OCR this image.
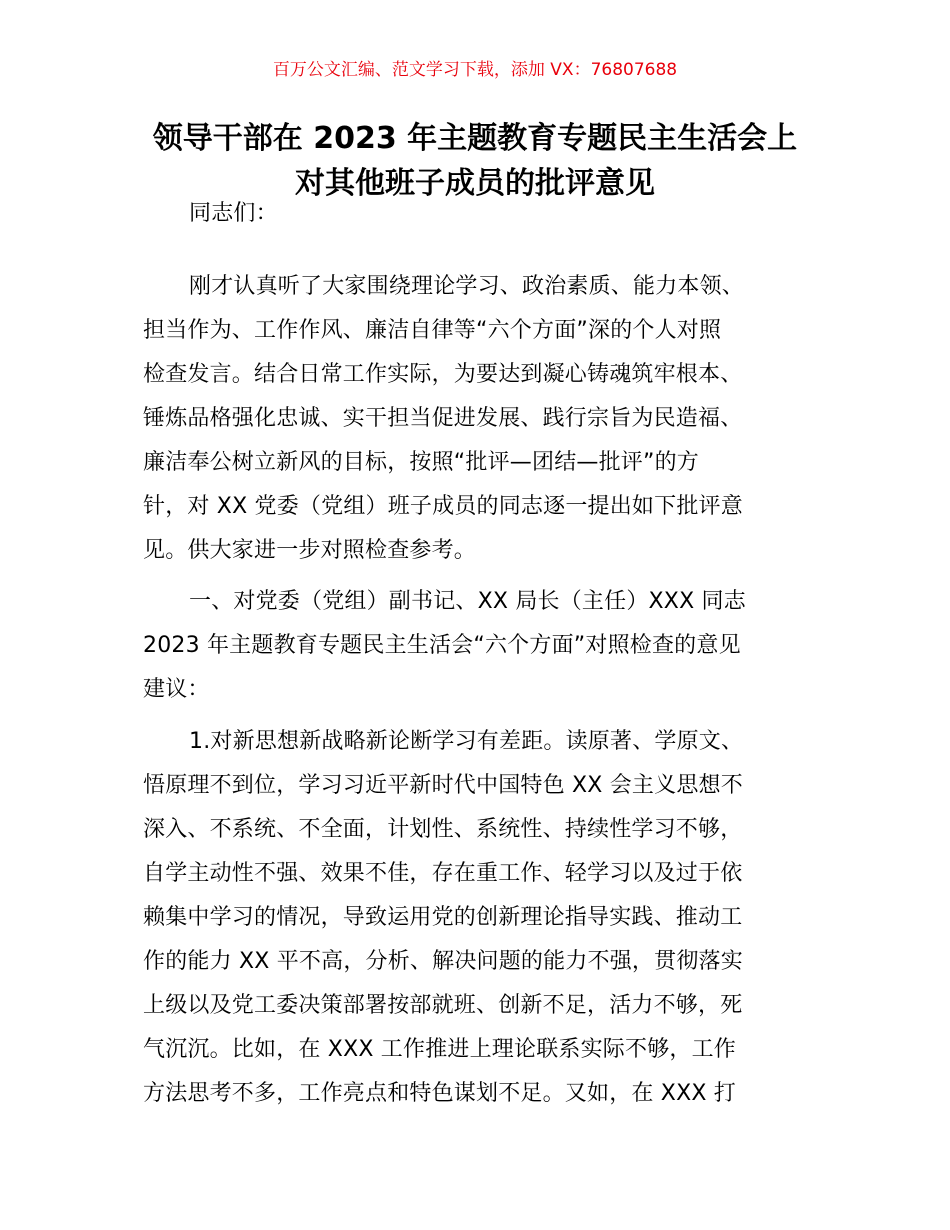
百万公文汇编、范文学习下载，添加 VX：76807688
领导干部在 2023 年主题教育专题民主生活会上
对其他班子成员的批评意见
同志们：
刚才认真听了大家围绕理论学习、政治素质、能力本领、
担当作为、工作作风、廉洁自律等“六个方面”深的个人对照
检查发言。结合日常工作实际，为要达到凝心铸魂筑牢根本、
锤炼品格强化忠诚、实干担当促进发展、践行宗旨为民造福、
廉洁奉公树立新风的目标，按照“批评—团结—批评”的方
针，对 XX 党委（党组）班子成员的同志逐一提出如下批评意
见。供大家进一步对照检查参考。
一、对党委（党组）副书记、XX 局长（主任）XXX 同志
2023 年主题教育专题民主生活会“六个方面”对照检查的意见
建议：
1.对新思想新战略新论断学习有差距。读原著、学原文、
悟原理不到位，学习习近平新时代中国特色 XX 会主义思想不
深入、不系统、不全面，计划性、系统性、持续性学习不够，
自学主动性不强、效果不佳，存在重工作、轻学习以及过于依
赖集中学习的情况，导致运用党的创新理论指导实践、推动工
作的能力 XX 平不高，分析、解决问题的能力不强，贯彻落实
上级以及党工委决策部署按部就班、创新不足，活力不够，死
气沉沉。比如，在 XXX 工作推进上理论联系实际不够，工作
方法思考不多，工作亮点和特色谋划不足。又如，在 XXX 打
